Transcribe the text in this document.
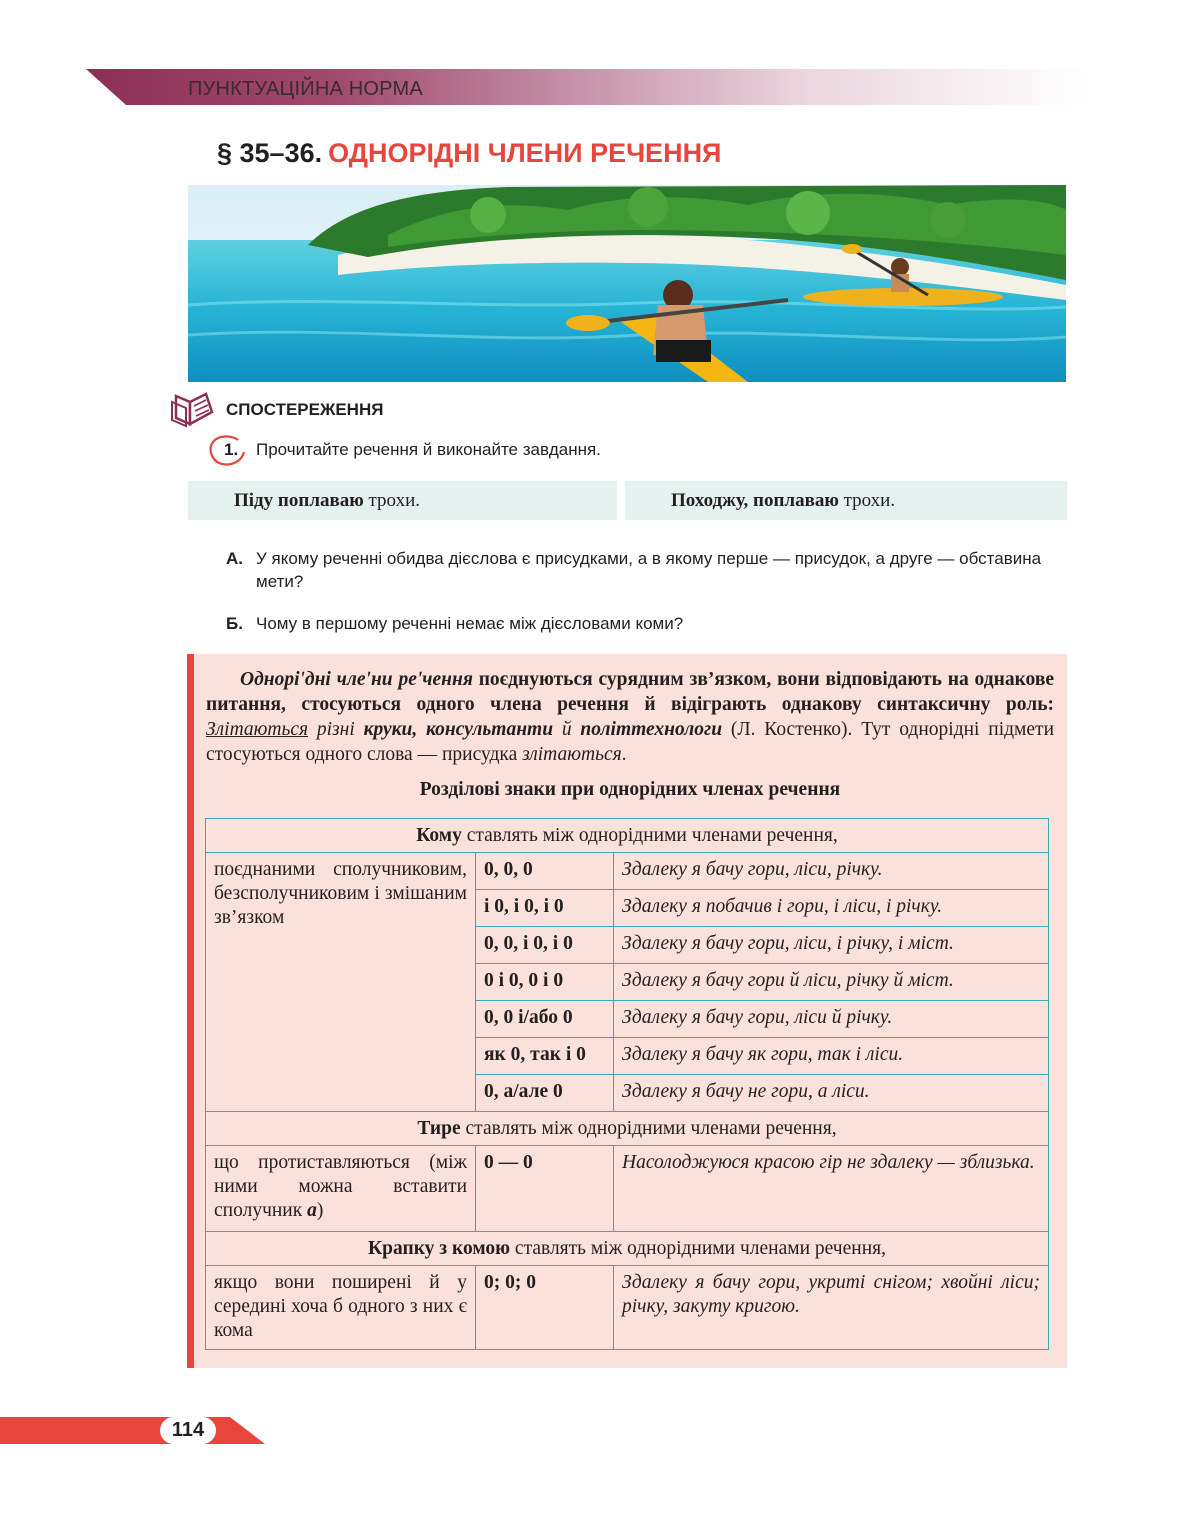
ПУНКТУАЦІЙНА НОРМА
§ 35–36. ОДНОРІДНІ ЧЛЕНИ РЕЧЕННЯ
СПОСТЕРЕЖЕННЯ
1. Прочитайте речення й виконайте завдання.
Піду поплаваю трохи.	Походжу, поплаваю трохи.
А. У якому реченні обидва дієслова є присудками, а в якому перше — присудок, а друге — обставина мети?
Б. Чому в першому реченні немає між дієсловами коми?
Одноріʹдні члеʹни реʹчення поєднуються сурядним зв’язком, вони відповідають на однакове питання, стосуються одного члена речення й відіграють однакову синтаксичну роль: Злітаються різні круки, консультанти й політтехнологи (Л. Костенко). Тут однорідні підмети стосуються одного слова — присудка злітаються.
Розділові знаки при однорідних членах речення
Кому ставлять між однорідними членами речення,		
поєднаними сполучниковим, безсполучниковим і змішаним зв’язком	0, 0, 0	Здалеку я бачу гори, ліси, річку.
	і 0, і 0, і 0	Здалеку я побачив і гори, і ліси, і річку.
	0, 0, і 0, і 0	Здалеку я бачу гори, ліси, і річку, і міст.
	0 і 0, 0 і 0	Здалеку я бачу гори й ліси, річку й міст.
	0, 0 і/або 0	Здалеку я бачу гори, ліси й річку.
	як 0, так і 0	Здалеку я бачу як гори, так і ліси.
	0, а/але 0	Здалеку я бачу не гори, а ліси.
Тире ставлять між однорідними членами речення,		
що протиставляються (між ними можна вставити сполучник а)	0 — 0	Насолоджуюся красою гір не здалеку — зблизька.
Крапку з комою ставлять між однорідними членами речення,		
якщо вони поширені й у середині хоча б одного з них є кома	0; 0; 0	Здалеку я бачу гори, укриті снігом; хвойні ліси; річку, закуту кригою.
114
